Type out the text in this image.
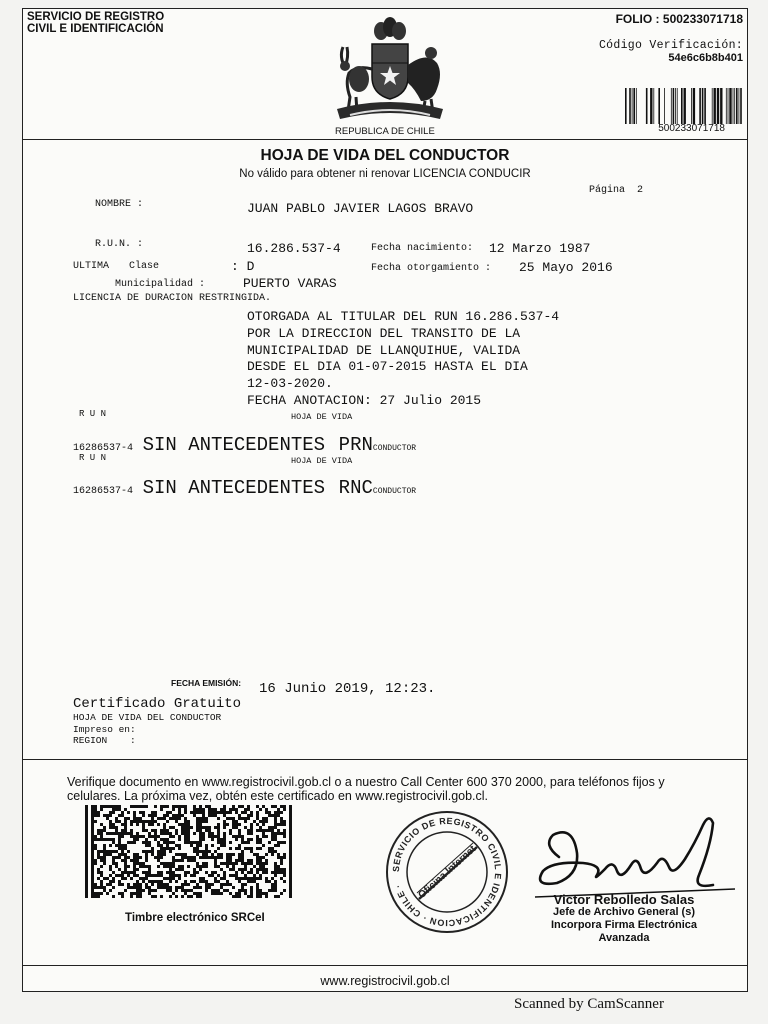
SERVICIO DE REGISTRO
CIVIL E IDENTIFICACIÓN
FOLIO : 500233071718
Código Verificación:
54e6c6b8b401
500233071718
REPUBLICA DE CHILE
HOJA DE VIDA DEL CONDUCTOR
No válido para obtener ni renovar LICENCIA CONDUCIR
Página 2
NOMBRE :	JUAN PABLO JAVIER LAGOS BRAVO
R.U.N. :	16.286.537-4	Fecha nacimiento: 12 Marzo 1987
ULTIMA Clase	: D	Fecha otorgamiento : 25 Mayo 2016
Municipalidad :	PUERTO VARAS
LICENCIA DE DURACION RESTRINGIDA.
OTORGADA AL TITULAR DEL RUN 16.286.537-4
POR LA DIRECCION DEL TRANSITO DE LA
MUNICIPALIDAD DE LLANQUIHUE, VALIDA
DESDE EL DIA 01-07-2015 HASTA EL DIA
12-03-2020.
FECHA ANOTACION: 27 Julio 2015
R U N	HOJA DE VIDA
16286537-4 SIN ANTECEDENTES PRNCONDUCTOR
R U N	HOJA DE VIDA
16286537-4 SIN ANTECEDENTES RNCCONDUCTOR
FECHA EMISIÓN: 16 Junio 2019, 12:23.
Certificado Gratuito
HOJA DE VIDA DEL CONDUCTOR
Impreso en:
REGION    :
Verifique documento en www.registrocivil.gob.cl o a nuestro Call Center 600 370 2000, para teléfonos fijos y
celulares. La próxima vez, obtén este certificado en www.registrocivil.gob.cl.
Timbre electrónico SRCeI
SERVICIO DE REGISTRO CIVIL E IDENTIFICACION · CHILE ·	Oficina Internet	Victor Rebolledo Salas
Jefe de Archivo General (s)
Incorpora Firma Electrónica
Avanzada
www.registrocivil.gob.cl
Scanned by CamScanner
